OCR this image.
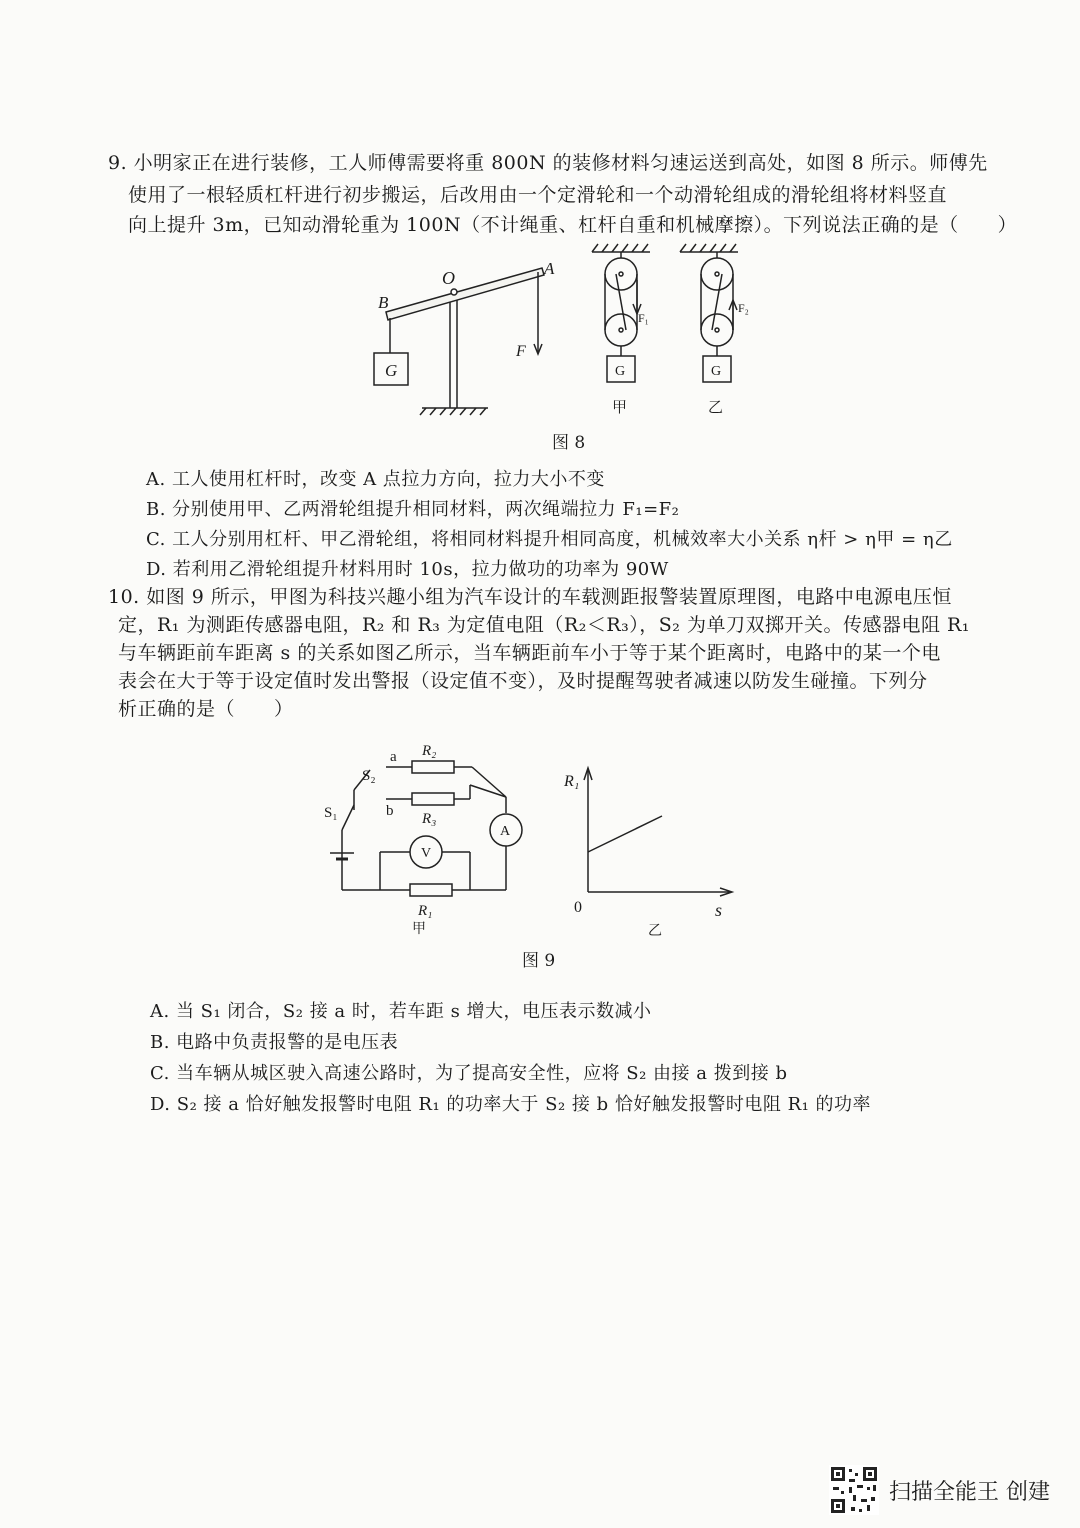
9. 小明家正在进行装修，工人师傅需要将重 800N 的装修材料匀速运送到高处，如图 8 所示。师傅先
使用了一根轻质杠杆进行初步搬运，后改用由一个定滑轮和一个动滑轮组成的滑轮组将材料竖直
向上提升 3m，已知动滑轮重为 100N（不计绳重、杠杆自重和机械摩擦）。下列说法正确的是（　　）
O	A
B
G
F
G
F₁
甲
G
F₂
乙
图 8
A. 工人使用杠杆时，改变 A 点拉力方向，拉力大小不变
B. 分别使用甲、乙两滑轮组提升相同材料，两次绳端拉力 F₁=F₂
C. 工人分别用杠杆、甲乙滑轮组，将相同材料提升相同高度，机械效率大小关系 η杆 > η甲 = η乙
D. 若利用乙滑轮组提升材料用时 10s，拉力做功的功率为 90W
10. 如图 9 所示，甲图为科技兴趣小组为汽车设计的车载测距报警装置原理图，电路中电源电压恒
定，R₁ 为测距传感器电阻，R₂ 和 R₃ 为定值电阻（R₂＜R₃），S₂ 为单刀双掷开关。传感器电阻 R₁
与车辆距前车距离 s 的关系如图乙所示，当车辆距前车小于等于某个距离时，电路中的某一个电
表会在大于等于设定值时发出警报（设定值不变），及时提醒驾驶者减速以防发生碰撞。下列分
析正确的是（　　）
S₂
a
b
R₂
R₃
S₁
A
V
R₁
甲
R₁
0	s
乙
图 9
A. 当 S₁ 闭合，S₂ 接 a 时，若车距 s 增大，电压表示数减小
B. 电路中负责报警的是电压表
C. 当车辆从城区驶入高速公路时，为了提高安全性，应将 S₂ 由接 a 拨到接 b
D. S₂ 接 a 恰好触发报警时电阻 R₁ 的功率大于 S₂ 接 b 恰好触发报警时电阻 R₁ 的功率
扫描全能王 创建
